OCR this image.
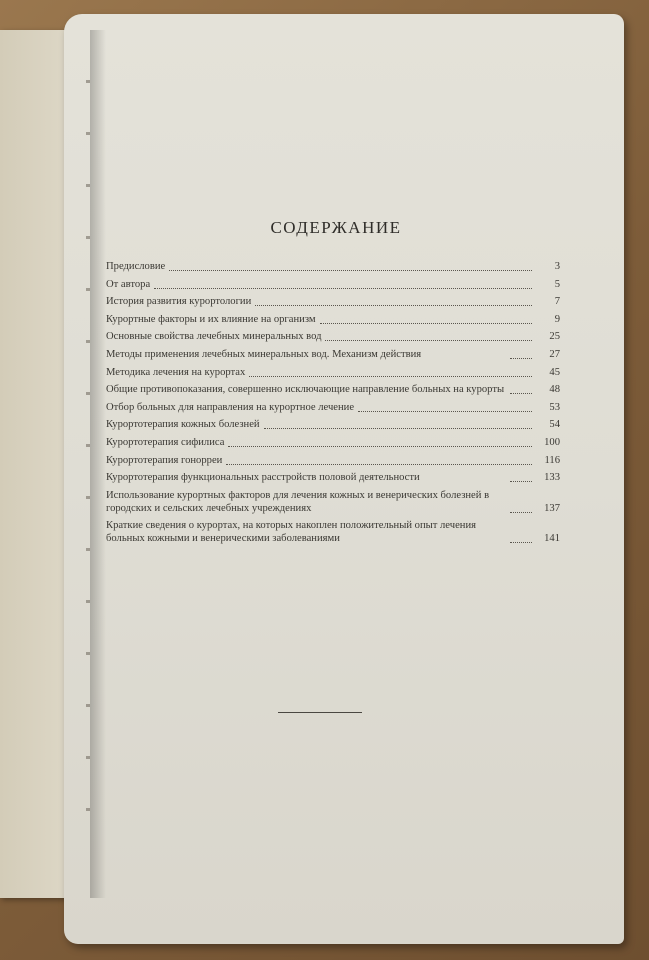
СОДЕРЖАНИЕ
Предисловие	3
От автора	5
История развития курортологии	7
Курортные факторы и их влияние на организм	9
Основные свойства лечебных минеральных вод	25
Методы применения лечебных минеральных вод. Механизм действия	27
Методика лечения на курортах	45
Общие противопоказания, совершенно исключающие направление больных на курорты	48
Отбор больных для направления на курортное лечение	53
Курортотерапия кожных болезней	54
Курортотерапия сифилиса	100
Курортотерапия гонорреи	116
Курортотерапия функциональных расстройств половой деятельности	133
Использование курортных факторов для лечения кожных и венерических болезней в городских и сельских лечебных учреждениях	137
Краткие сведения о курортах, на которых накоплен положительный опыт лечения больных кожными и венерическими заболеваниями	141
